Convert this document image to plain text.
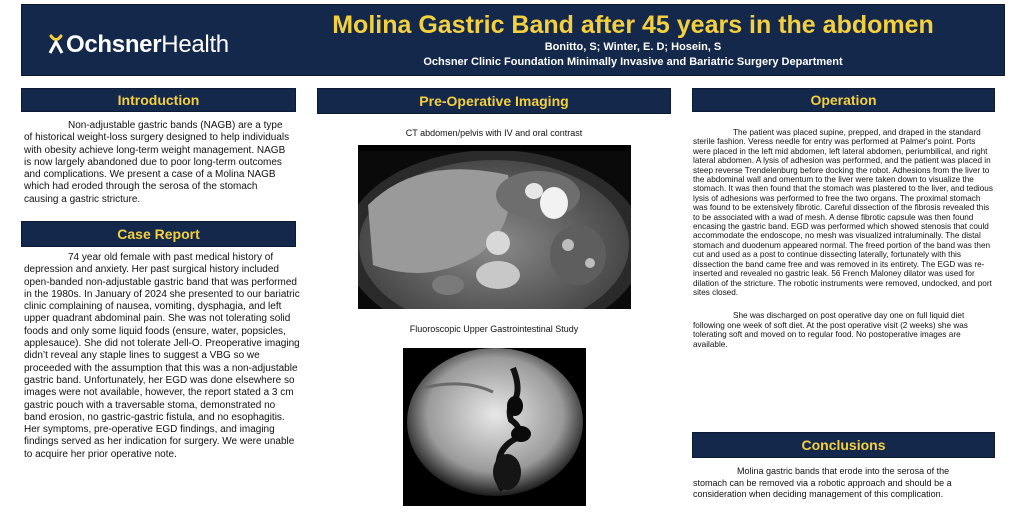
OchsnerHealth
Molina Gastric Band after 45 years in the abdomen
Bonitto, S; Winter, E. D; Hosein, S
Ochsner Clinic Foundation Minimally Invasive and Bariatric Surgery Department
Introduction

Non-adjustable gastric bands (NAGB) are a type of historical weight-loss surgery designed to help individuals with obesity achieve long-term weight management. NAGB is now largely abandoned due to poor long-term outcomes and complications. We present a case of a Molina NAGB which had eroded through the serosa of the stomach causing a gastric stricture.

Case Report

74 year old female with past medical history of depression and anxiety. Her past surgical history included open-banded non-adjustable gastric band that was performed in the 1980s. In January of 2024 she presented to our bariatric clinic complaining of nausea, vomiting, dysphagia, and left upper quadrant abdominal pain. She was not tolerating solid foods and only some liquid foods (ensure, water, popsicles, applesauce). She did not tolerate Jell-O. Preoperative imaging didn’t reveal any staple lines to suggest a VBG so we proceeded with the assumption that this was a non-adjustable gastric band. Unfortunately, her EGD was done elsewhere so images were not available, however, the report stated a 3 cm gastric pouch with a traversable stoma, demonstrated no band erosion, no gastric-gastric fistula, and no esophagitis. Her symptoms, pre-operative EGD findings, and imaging findings served as her indication for surgery. We were unable to acquire her prior operative note.

Pre-Operative Imaging
CT abdomen/pelvis with IV and oral contrast
Fluoroscopic Upper Gastrointestinal Study
Operation

The patient was placed supine, prepped, and draped in the standard sterile fashion. Veress needle for entry was performed at Palmer's point. Ports were placed in the left mid abdomen, left lateral abdomen, periumbilical, and right lateral abdomen. A lysis of adhesion was performed, and the patient was placed in steep reverse Trendelenburg before docking the robot. Adhesions from the liver to the abdominal wall and omentum to the liver were taken down to visualize the stomach. It was then found that the stomach was plastered to the liver, and tedious lysis of adhesions was performed to free the two organs. The proximal stomach was found to be extensively fibrotic. Careful dissection of the fibrosis revealed this to be associated with a wad of mesh. A dense fibrotic capsule was then found encasing the gastric band. EGD was performed which showed stenosis that could accommodate the endoscope, no mesh was visualized intraluminally. The distal stomach and duodenum appeared normal. The freed portion of the band was then cut and used as a post to continue dissecting laterally, fortunately with this dissection the band came free and was removed in its entirety. The EGD was re-inserted and revealed no gastric leak. 56 French Maloney dilator was used for dilation of the stricture. The robotic instruments were removed, undocked, and port sites closed.

She was discharged on post operative day one on full liquid diet following one week of soft diet. At the post operative visit (2 weeks) she was tolerating soft and moved on to regular food. No postoperative images are available.

Conclusions

Molina gastric bands that erode into the serosa of the stomach can be removed via a robotic approach and should be a consideration when deciding management of this complication.
